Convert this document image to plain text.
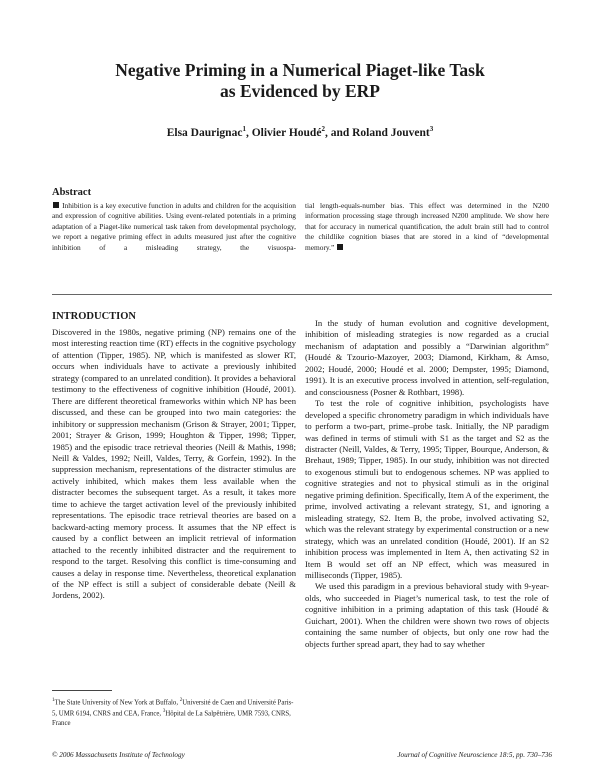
Negative Priming in a Numerical Piaget-like Task
as Evidenced by ERP
Elsa Daurignac$^1$, Olivier Houdé$^2$, and Roland Jouvent$^3$
Abstract
Inhibition is a key executive function in adults and children for the acquisition and expression of cognitive abilities. Using event-related potentials in a priming adaptation of a Piaget-like numerical task taken from developmental psychology, we report a negative priming effect in adults measured just after the cognitive inhibition of a misleading strategy, the visuospa-
tial length-equals-number bias. This effect was determined in the N200 information processing stage through increased N200 amplitude. We show here that for accuracy in numerical quantification, the adult brain still had to control the childlike cognition biases that are stored in a kind of “developmental memory.”
INTRODUCTION

Discovered in the 1980s, negative priming (NP) remains one of the most interesting reaction time (RT) effects in the cognitive psychology of attention (Tipper, 1985). NP, which is manifested as slower RT, occurs when individuals have to activate a previously inhibited strategy (compared to an unrelated condition). It provides a behavioral testimony to the effectiveness of cognitive inhibition (Houdé, 2001). There are different theoretical frameworks within which NP has been discussed, and these can be grouped into two main categories: the inhibitory or suppression mechanism (Grison & Strayer, 2001; Tipper, 2001; Strayer & Grison, 1999; Houghton & Tipper, 1998; Tipper, 1985) and the episodic trace retrieval theories (Neill & Mathis, 1998; Neill & Valdes, 1992; Neill, Valdes, Terry, & Gorfein, 1992). In the suppression mechanism, representations of the distracter stimulus are actively inhibited, which makes them less available when the distracter becomes the subsequent target. As a result, it takes more time to achieve the target activation level of the previously inhibited representations. The episodic trace retrieval theories are based on a backward-acting memory process. It assumes that the NP effect is caused by a conflict between an implicit retrieval of information attached to the recently inhibited distracter and the requirement to respond to the target. Resolving this conflict is time-consuming and causes a delay in response time. Nevertheless, theoretical explanation of the NP effect is still a subject of considerable debate (Neill & Jordens, 2002).

In the study of human evolution and cognitive development, inhibition of misleading strategies is now regarded as a crucial mechanism of adaptation and possibly a “Darwinian algorithm” (Houdé & Tzourio-Mazoyer, 2003; Diamond, Kirkham, & Amso, 2002; Houdé, 2000; Houdé et al. 2000; Dempster, 1995; Diamond, 1991). It is an executive process involved in attention, self-regulation, and consciousness (Posner & Rothbart, 1998).

To test the role of cognitive inhibition, psychologists have developed a specific chronometry paradigm in which individuals have to perform a two-part, prime–probe task. Initially, the NP paradigm was defined in terms of stimuli with S1 as the target and S2 as the distracter (Neill, Valdes, & Terry, 1995; Tipper, Bourque, Anderson, & Brehaut, 1989; Tipper, 1985). In our study, inhibition was not directed to exogenous stimuli but to endogenous schemes. NP was applied to cognitive strategies and not to physical stimuli as in the original negative priming definition. Specifically, Item A of the experiment, the prime, involved activating a relevant strategy, S1, and ignoring a misleading strategy, S2. Item B, the probe, involved activating S2, which was the relevant strategy by experimental construction or a new strategy, which was an unrelated condition (Houdé, 2001). If an S2 inhibition process was implemented in Item A, then activating S2 in Item B would set off an NP effect, which was measured in milliseconds (Tipper, 1985).

We used this paradigm in a previous behavioral study with 9-year-olds, who succeeded in Piaget’s numerical task, to test the role of cognitive inhibition in a priming adaptation of this task (Houdé & Guichart, 2001). When the children were shown two rows of objects containing the same number of objects, but only one row had the objects further spread apart, they had to say whether

$^1$The State University of New York at Buffalo, $^2$Université de Caen and Université Paris-5, UMR 6194, CNRS and CEA, France, $^3$Hôpital de La Salpêtrière, UMR 7593, CNRS, France
© 2006 Massachusetts Institute of Technology	Journal of Cognitive Neuroscience 18:5, pp. 730–736
